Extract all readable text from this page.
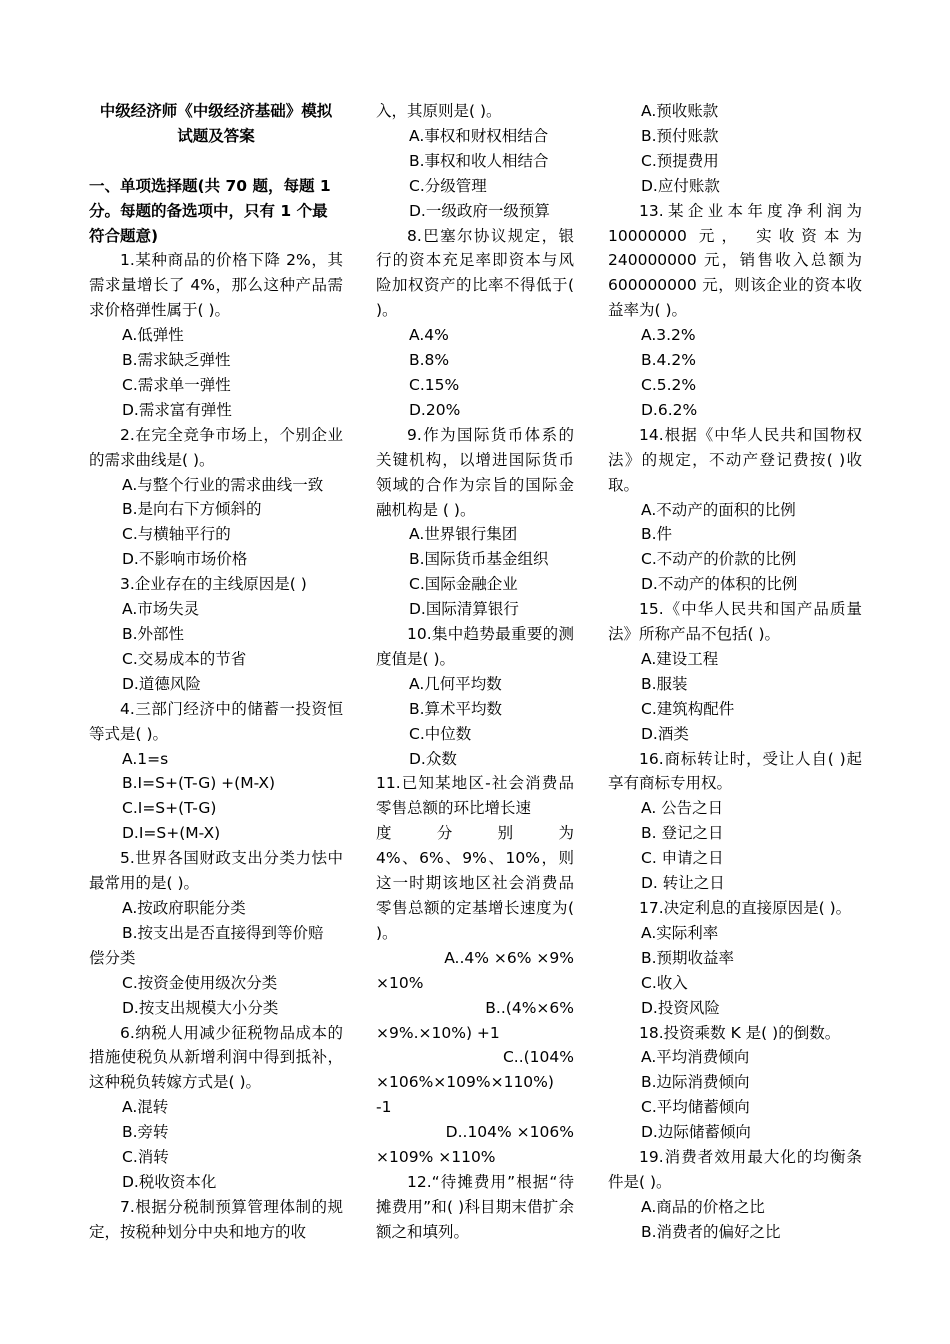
中级经济师《中级经济基础》模拟
试题及答案
一、单项选择题(共 70 题，每题 1
分。每题的备选项中，只有 1 个最
符合题意)
1.某种商品的价格下降 2%，其需求量增长了 4%，那么这种产品需求价格弹性属于( )。
A.低弹性
B.需求缺乏弹性
C.需求单一弹性
D.需求富有弹性
2.在完全竞争市场上，个别企业的需求曲线是( )。
A.与整个行业的需求曲线一致
B.是向右下方倾斜的
C.与横轴平行的
D.不影响市场价格
3.企业存在的主线原因是( )
A.市场失灵
B.外部性
C.交易成本的节省
D.道德风险
4.三部门经济中的储蓄一投资恒等式是( )。
A.1=s
B.I=S+(T-G) +(M-X)
C.I=S+(T-G)
D.I=S+(M-X)
5.世界各国财政支出分类力怯中最常用的是( )。
A.按政府职能分类
B.按支出是否直接得到等价赔
偿分类
C.按资金使用级次分类
D.按支出规模大小分类
6.纳税人用减少征税物品成本的措施使税负从新增利润中得到抵补，这种税负转嫁方式是( )。
A.混转
B.旁转
C.消转
D.税收资本化
7.根据分税制预算管理体制的规定，按税种划分中央和地方的收
入，其原则是( )。
A.事权和财权相结合
B.事权和收人相结合
C.分级管理
D.一级政府一级预算
8.巴塞尔协议规定，银行的资本充足率即资本与风险加权资产的比率不得低于( )。
A.4%
B.8%
C.15%
D.20%
9.作为国际货币体系的关键机构，以增进国际货币领域的合作为宗旨的国际金融机构是 ( )。
A.世界银行集团
B.国际货币基金组织
C.国际金融企业
D.国际清算银行
10.集中趋势最重要的测度值是( )。
A.几何平均数
B.算术平均数
C.中位数
D.众数
11.已知某地区-社会消费品零售总额的环比增长速
度 分 别 为
4%、6%、9%、10%，则这一时期该地区社会消费品零售总额的定基增长速度为( )。
A..4% ×6% ×9%
×10%
B..(4%×6%
×9%.×10%) +1
C..(104%
×106%×109%×110%)
-1
D..104% ×106%
×109% ×110%
12.“待摊费用”根据“待摊费用”和( )科目期末借扩余额之和填列。
A.预收账款
B.预付账款
C.预提费用
D.应付账款
13.某企业本年度净利润为 10000000 元， 实收资本为 240000000 元，销售收入总额为 600000000 元，则该企业的资本收益率为( )。
A.3.2%
B.4.2%
C.5.2%
D.6.2%
14.根据《中华人民共和国物权法》的规定，不动产登记费按( )收取。
A.不动产的面积的比例
B.件
C.不动产的价款的比例
D.不动产的体积的比例
15.《中华人民共和国产品质量法》所称产品不包括( )。
A.建设工程
B.服装
C.建筑构配件
D.酒类
16.商标转让时，受让人自( )起享有商标专用权。
A. 公告之日
B. 登记之日
C. 申请之日
D. 转让之日
17.决定利息的直接原因是( )。
A.实际利率
B.预期收益率
C.收入
D.投资风险
18.投资乘数 K 是( )的倒数。
A.平均消费倾向
B.边际消费倾向
C.平均储蓄倾向
D.边际储蓄倾向
19.消费者效用最大化的均衡条件是( )。
A.商品的价格之比
B.消费者的偏好之比
